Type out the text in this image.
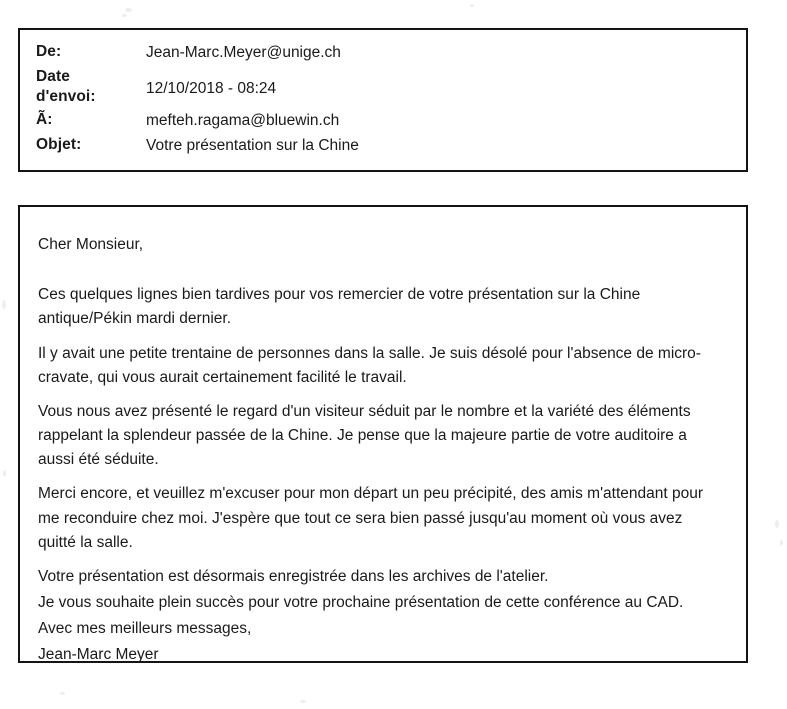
De:	Jean-Marc.Meyer@unige.ch
Date
d'envoi:	12/10/2018 - 08:24
Ã:	mefteh.ragama@bluewin.ch
Objet:	Votre présentation sur la Chine

Cher Monsieur,

Ces quelques lignes bien tardives pour vos remercier de votre présentation sur la Chine antique/Pékin mardi dernier.

Il y avait une petite trentaine de personnes dans la salle. Je suis désolé pour l'absence de micro-cravate, qui vous aurait certainement facilité le travail.

Vous nous avez présenté le regard d'un visiteur séduit par le nombre et la variété des éléments rappelant la splendeur passée de la Chine. Je pense que la majeure partie de votre auditoire a aussi été séduite.

Merci encore, et veuillez m'excuser pour mon départ un peu précipité, des amis m'attendant pour me reconduire chez moi. J'espère que tout ce sera bien passé jusqu'au moment où vous avez quitté la salle.

Votre présentation est désormais enregistrée dans les archives de l'atelier.

Je vous souhaite plein succès pour votre prochaine présentation de cette conférence au CAD.

Avec mes meilleurs messages,

Jean-Marc Meyer
